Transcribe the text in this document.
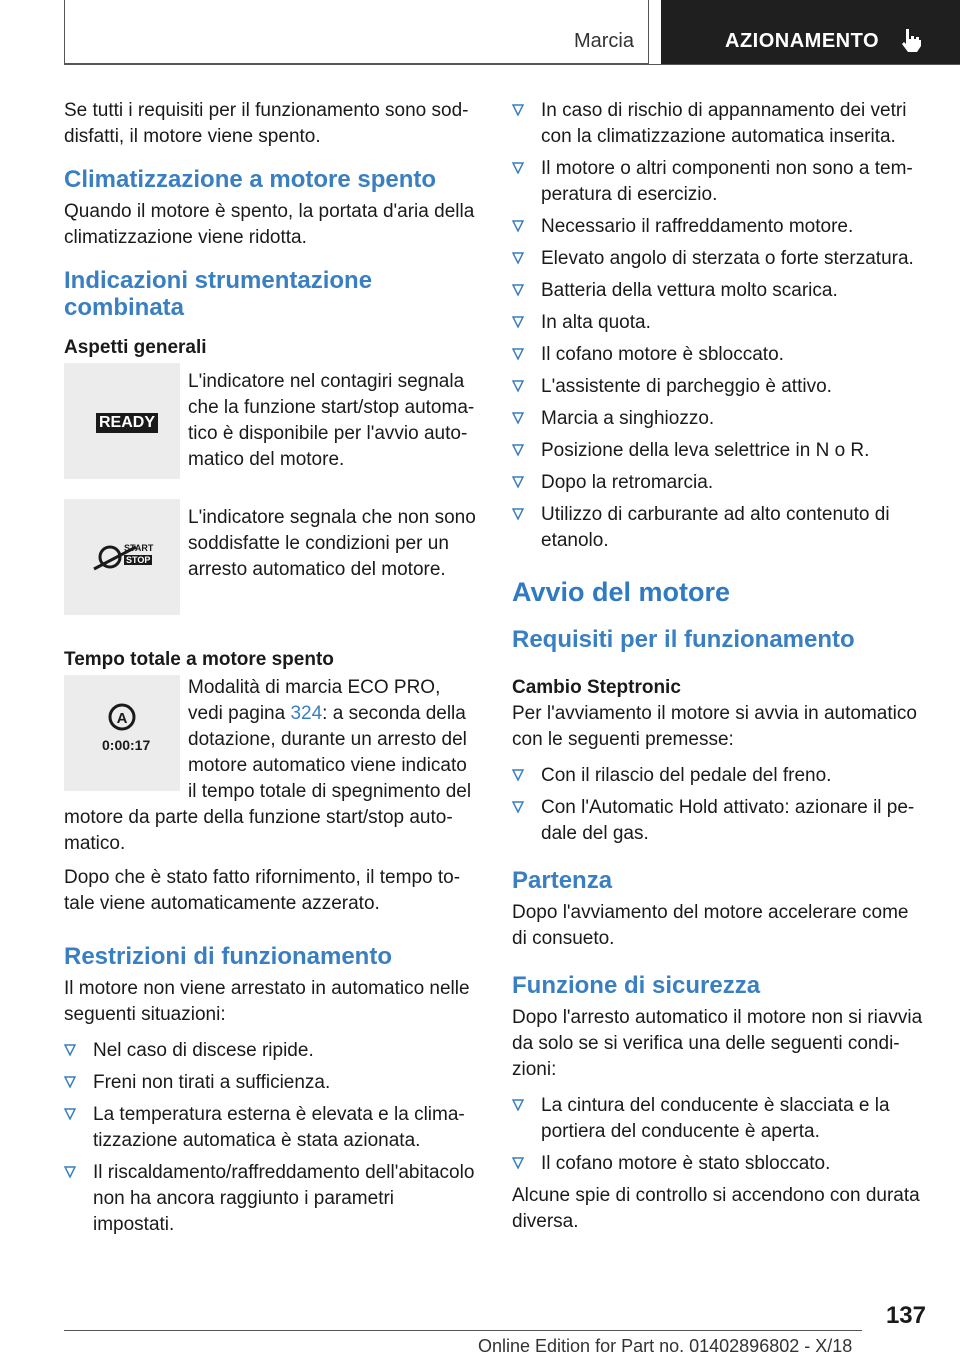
Marcia	AZIONAMENTO

Se tutti i requisiti per il funzionamento sono sod-disfatti, il motore viene spento.

Climatizzazione a motore spento

Quando il motore è spento, la portata d'aria della climatizzazione viene ridotta.

Indicazioni strumentazione combinata
Aspetti generali
READY
L'indicatore nel contagiri segnala che la funzione start/stop automa-tico è disponibile per l'avvio auto-matico del motore.
START
STOP
L'indicatore segnala che non sono soddisfatte le condizioni per un arresto automatico del motore.
Tempo totale a motore spento
A
0:00:17
Modalità di marcia ECO PRO, vedi pagina 324: a seconda della dotazione, durante un arresto del motore automatico viene indicato il tempo totale di spegnimento del

motore da parte della funzione start/stop auto-matico.

Dopo che è stato fatto rifornimento, il tempo to-tale viene automaticamente azzerato.

Restrizioni di funzionamento

Il motore non viene arrestato in automatico nelle seguenti situazioni:

Nel caso di discese ripide.
Freni non tirati a sufficienza.
La temperatura esterna è elevata e la clima-tizzazione automatica è stata azionata.
Il riscaldamento/raffreddamento dell'abitacolo non ha ancora raggiunto i parametri impostati.
In caso di rischio di appannamento dei vetri con la climatizzazione automatica inserita.
Il motore o altri componenti non sono a tem-peratura di esercizio.
Necessario il raffreddamento motore.
Elevato angolo di sterzata o forte sterzatura.
Batteria della vettura molto scarica.
In alta quota.
Il cofano motore è sbloccato.
L'assistente di parcheggio è attivo.
Marcia a singhiozzo.
Posizione della leva selettrice in N o R.
Dopo la retromarcia.
Utilizzo di carburante ad alto contenuto di etanolo.
Avvio del motore
Requisiti per il funzionamento
Cambio Steptronic

Per l'avviamento il motore si avvia in automatico con le seguenti premesse:

Con il rilascio del pedale del freno.
Con l'Automatic Hold attivato: azionare il pe-dale del gas.
Partenza

Dopo l'avviamento del motore accelerare come di consueto.

Funzione di sicurezza

Dopo l'arresto automatico il motore non si riavvia da solo se si verifica una delle seguenti condi-zioni:

La cintura del conducente è slacciata e la portiera del conducente è aperta.
Il cofano motore è stato sbloccato.

Alcune spie di controllo si accendono con durata diversa.

137
Online Edition for Part no. 01402896802 - X/18
